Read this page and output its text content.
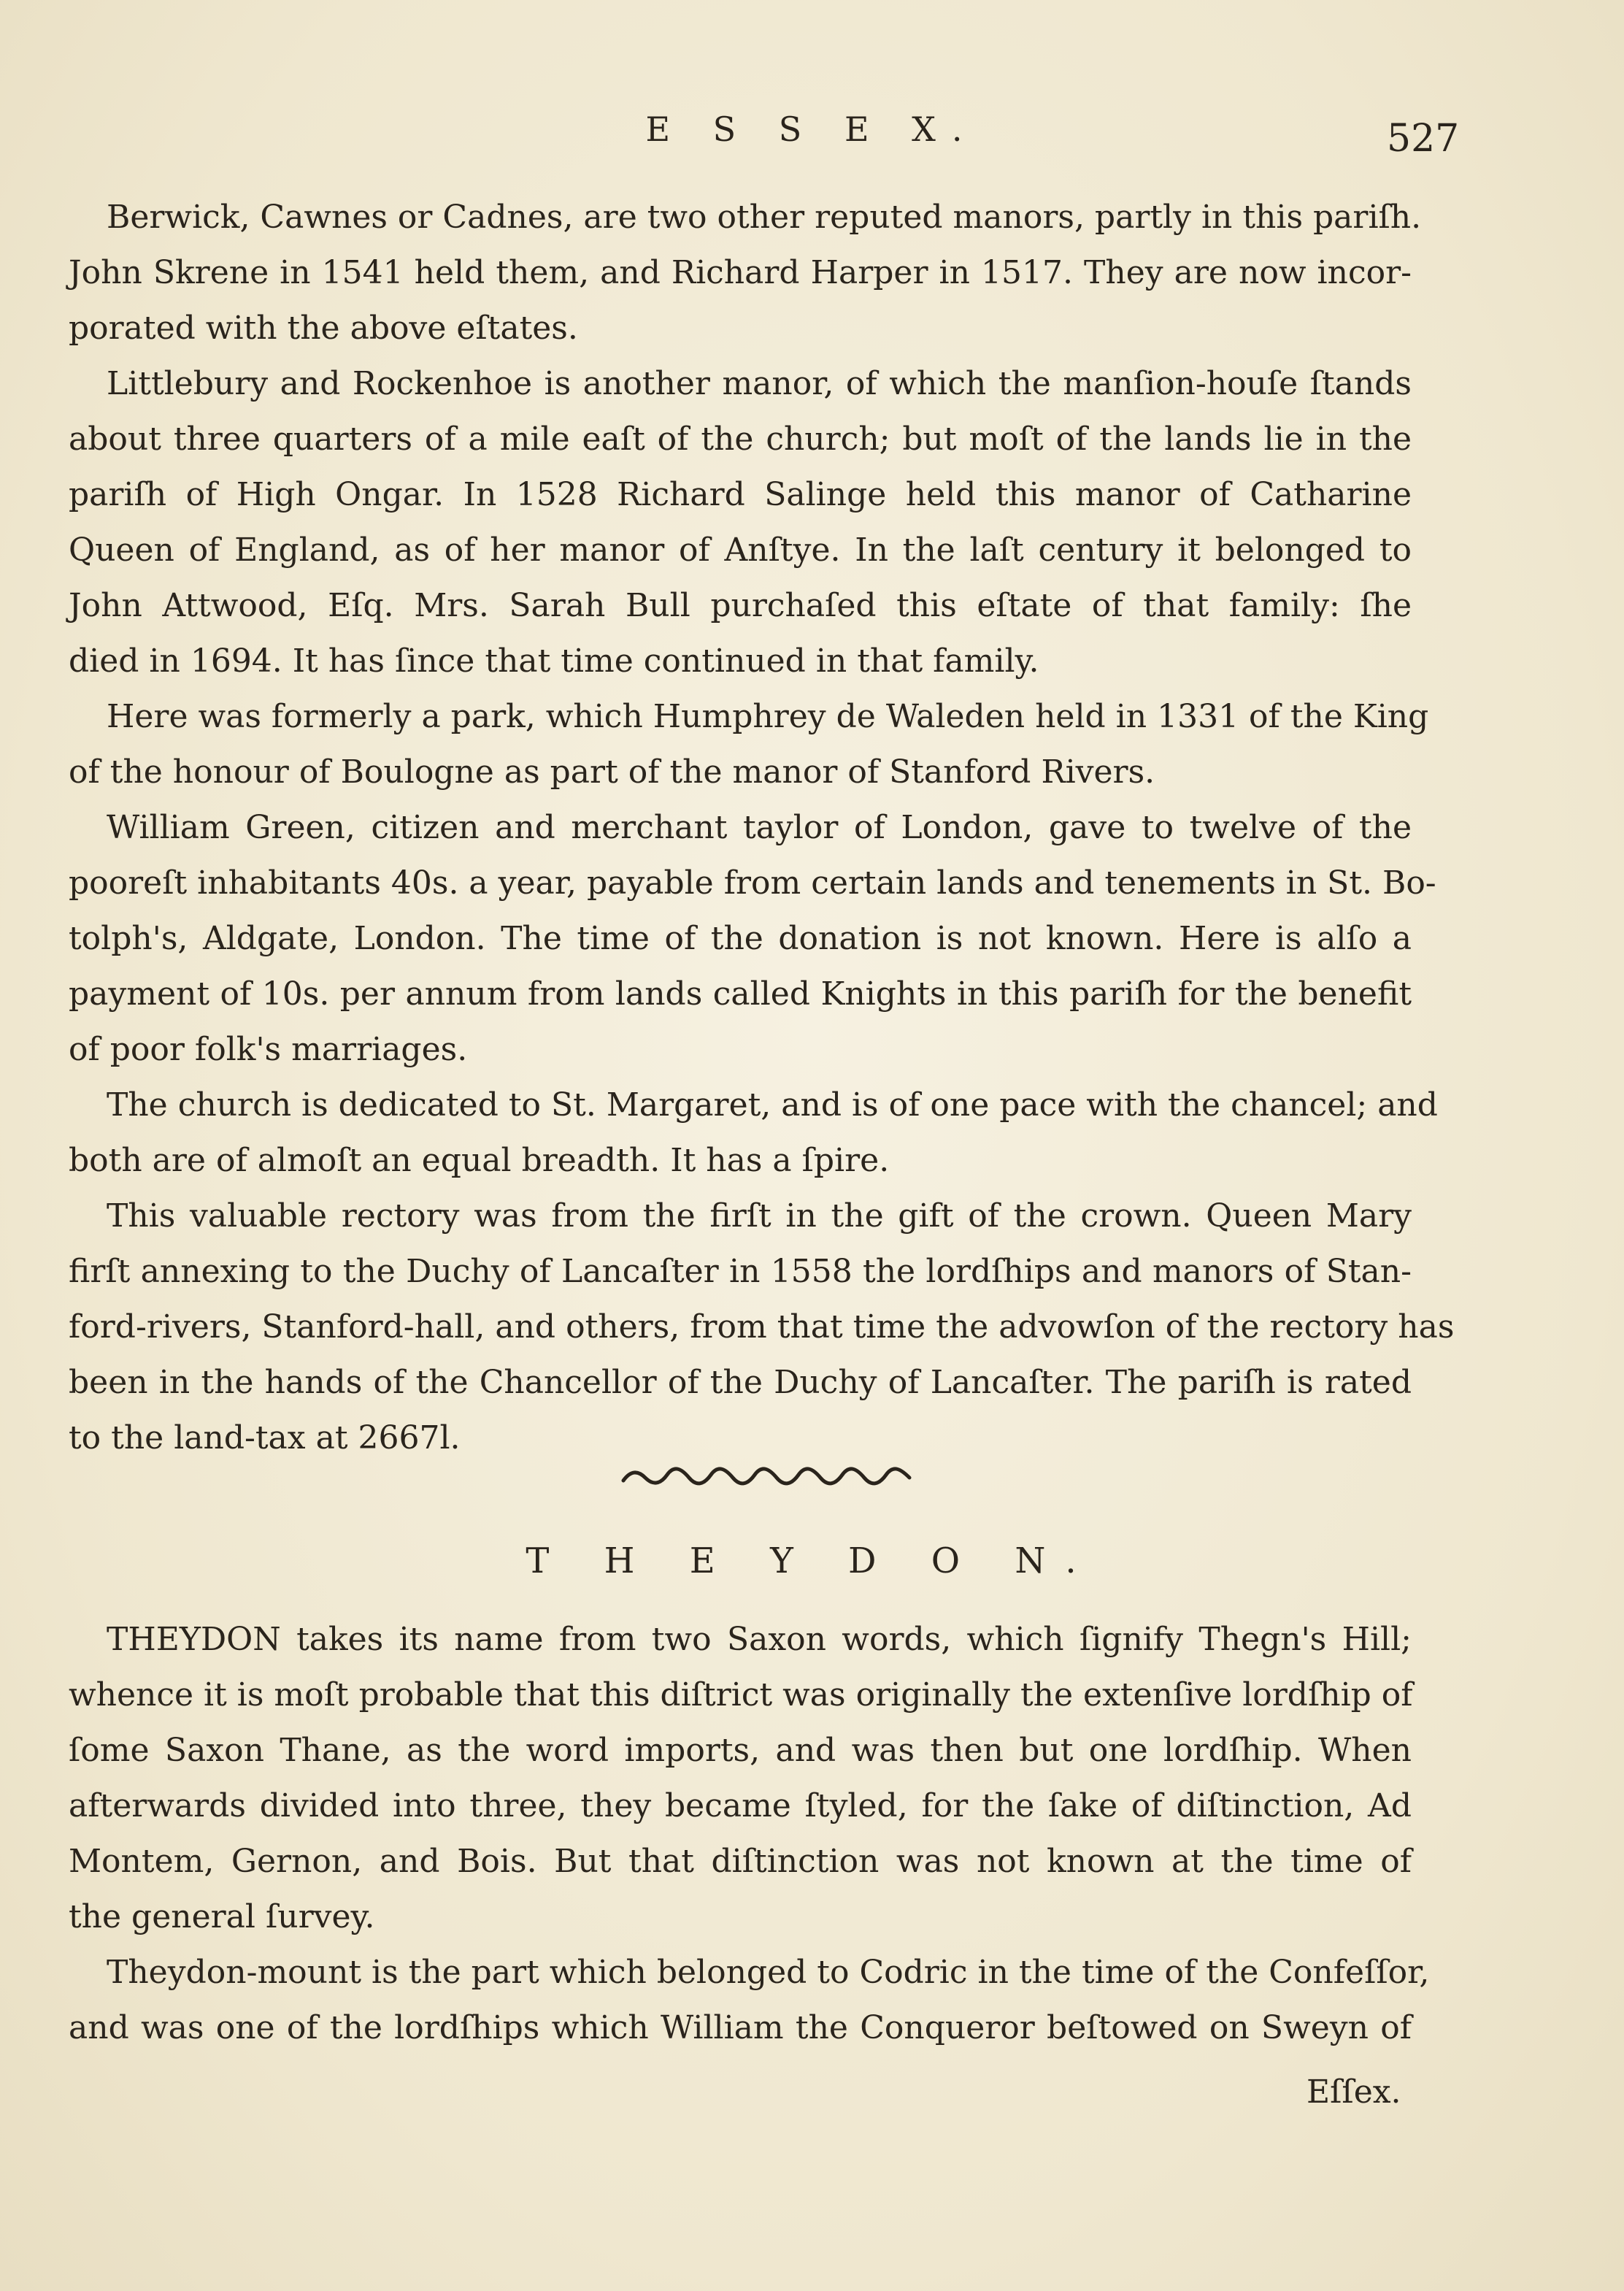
E S S E X.	527
Berwick, Cawnes or Cadnes, are two other reputed manors, partly in this pariſh.
John Skrene in 1541 held them, and Richard Harper in 1517. They are now incor-
porated with the above eſtates.
Littlebury and Rockenhoe is another manor, of which the manſion-houſe ſtands
about three quarters of a mile eaſt of the church; but moſt of the lands lie in the
pariſh of High Ongar. In 1528 Richard Salinge held this manor of Catharine
Queen of England, as of her manor of Anſtye. In the laſt century it belonged to
John Attwood, Eſq. Mrs. Sarah Bull purchaſed this eſtate of that family: ſhe
died in 1694. It has ſince that time continued in that family.
Here was formerly a park, which Humphrey de Waleden held in 1331 of the King
of the honour of Boulogne as part of the manor of Stanford Rivers.
William Green, citizen and merchant taylor of London, gave to twelve of the
pooreſt inhabitants 40s. a year, payable from certain lands and tenements in St. Bo-
tolph's, Aldgate, London. The time of the donation is not known. Here is alſo a
payment of 10s. per annum from lands called Knights in this pariſh for the benefit
of poor folk's marriages.
The church is dedicated to St. Margaret, and is of one pace with the chancel; and
both are of almoſt an equal breadth. It has a ſpire.
This valuable rectory was from the firſt in the gift of the crown. Queen Mary
firſt annexing to the Duchy of Lancaſter in 1558 the lordſhips and manors of Stan-
ford-rivers, Stanford-hall, and others, from that time the advowſon of the rectory has
been in the hands of the Chancellor of the Duchy of Lancaſter. The pariſh is rated
to the land-tax at 2667l.
T H E Y D O N.
THEYDON takes its name from two Saxon words, which ſignify Thegn's Hill;
whence it is moſt probable that this diſtrict was originally the extenſive lordſhip of
ſome Saxon Thane, as the word imports, and was then but one lordſhip. When
afterwards divided into three, they became ſtyled, for the ſake of diſtinction, Ad
Montem, Gernon, and Bois. But that diſtinction was not known at the time of
the general ſurvey.
Theydon-mount is the part which belonged to Codric in the time of the Confeſſor,
and was one of the lordſhips which William the Conqueror beſtowed on Sweyn of
Eſſex.
